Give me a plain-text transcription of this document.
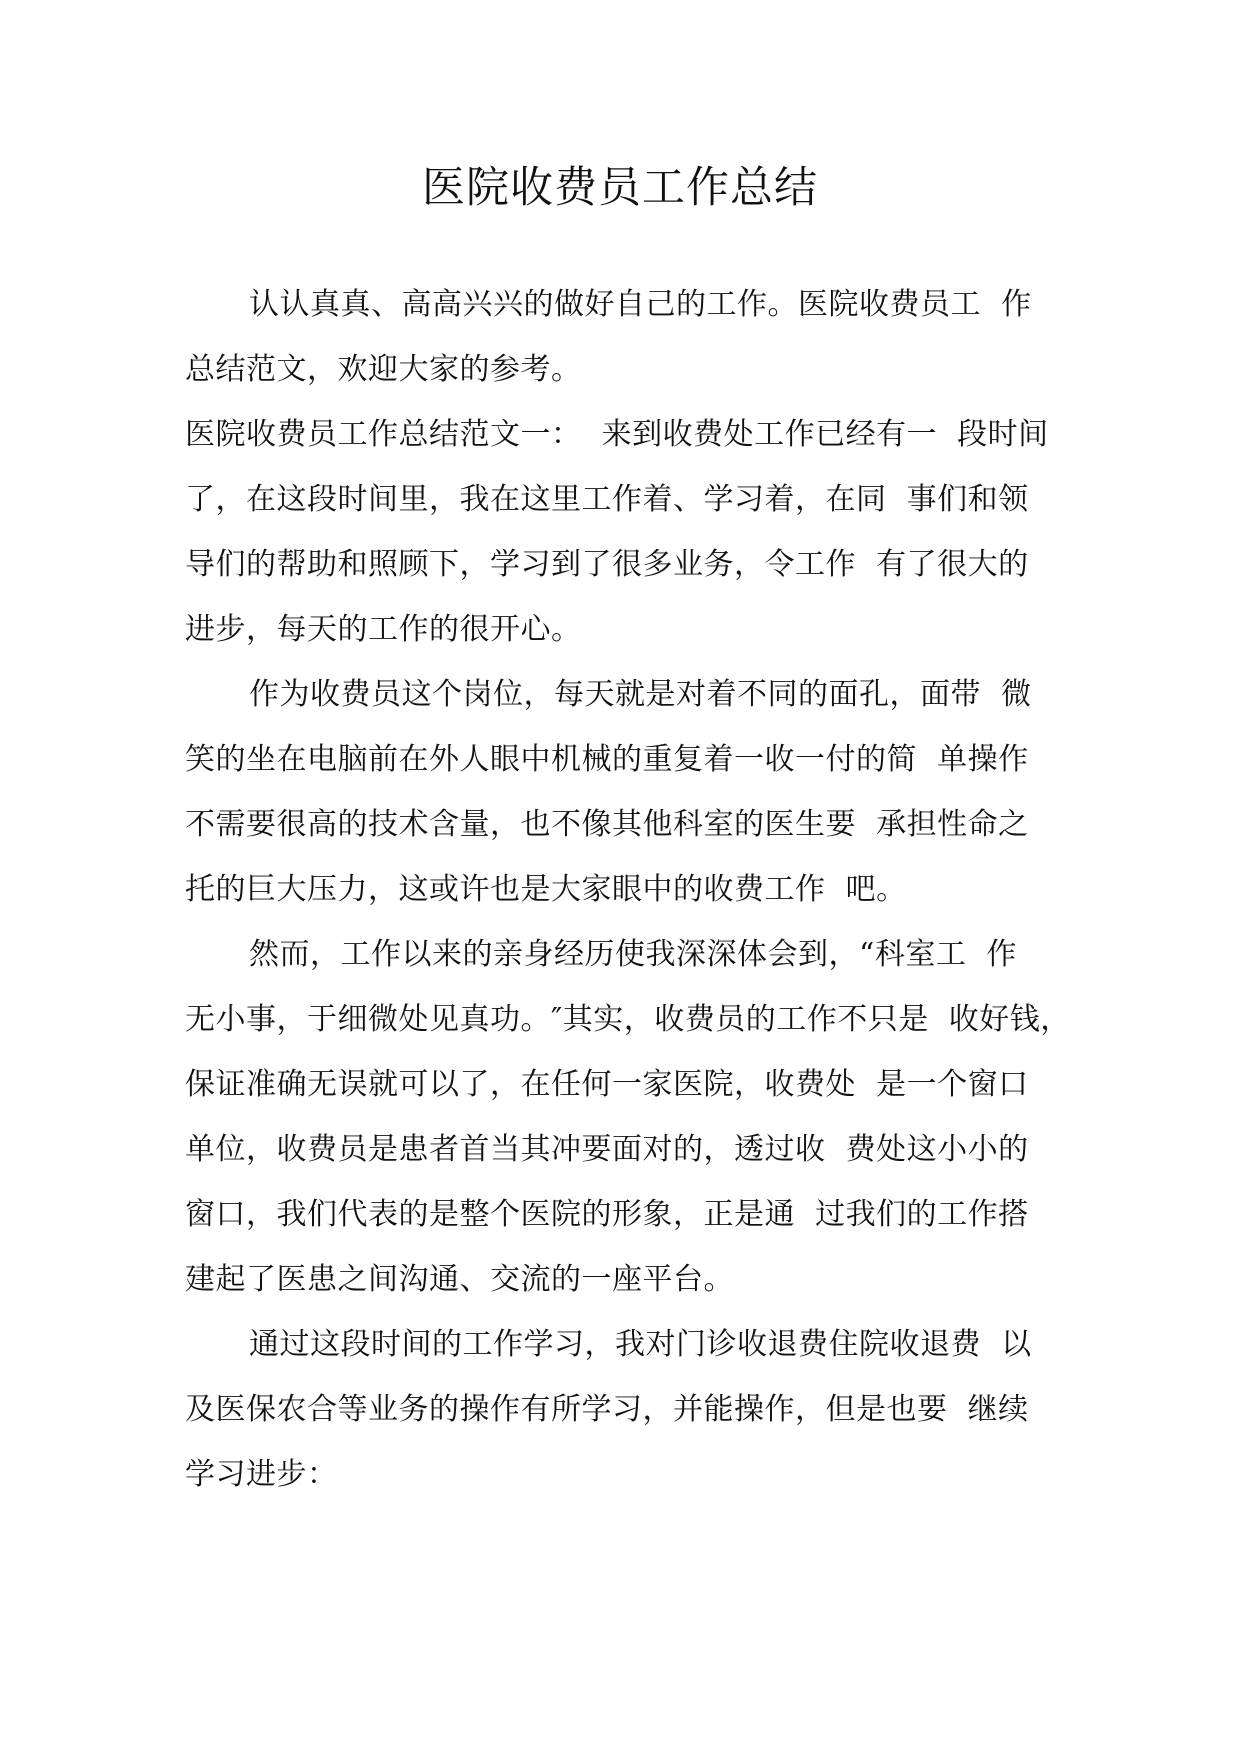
医院收费员工作总结
认认真真、高高兴兴的做好自己的工作。医院收费员工  作
总结范文，欢迎大家的参考。
医院收费员工作总结范文一：  来到收费处工作已经有一  段时间
了，在这段时间里，我在这里工作着、学习着，在同  事们和领
导们的帮助和照顾下，学习到了很多业务，令工作  有了很大的
进步，每天的工作的很开心。
作为收费员这个岗位，每天就是对着不同的面孔，面带  微
笑的坐在电脑前在外人眼中机械的重复着一收一付的简  单操作
不需要很高的技术含量，也不像其他科室的医生要  承担性命之
托的巨大压力，这或许也是大家眼中的收费工作  吧。
然而，工作以来的亲身经历使我深深体会到，“科室工  作
无小事，于细微处见真功。″其实，收费员的工作不只是  收好钱，
保证准确无误就可以了，在任何一家医院，收费处  是一个窗口
单位，收费员是患者首当其冲要面对的，透过收  费处这小小的
窗口，我们代表的是整个医院的形象，正是通  过我们的工作搭
建起了医患之间沟通、交流的一座平台。
通过这段时间的工作学习，我对门诊收退费住院收退费  以
及医保农合等业务的操作有所学习，并能操作，但是也要  继续
学习进步：
